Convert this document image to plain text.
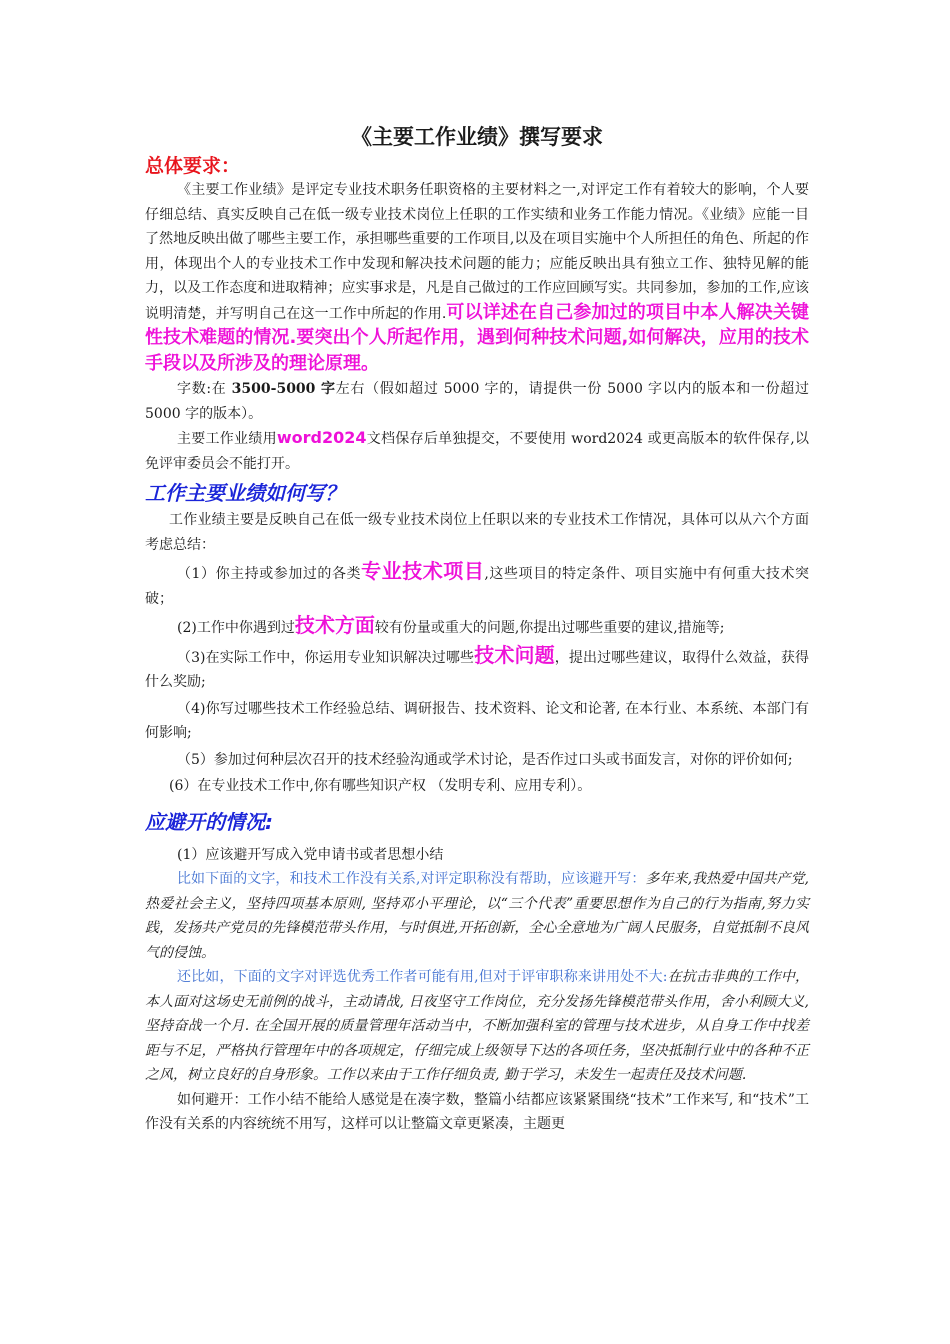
《主要工作业绩》撰写要求
总体要求：

《主要工作业绩》是评定专业技术职务任职资格的主要材料之一,对评定工作有着较大的影响，个人要仔细总结、真实反映自己在低一级专业技术岗位上任职的工作实绩和业务工作能力情况。《业绩》应能一目了然地反映出做了哪些主要工作，承担哪些重要的工作项目,以及在项目实施中个人所担任的角色、所起的作用，体现出个人的专业技术工作中发现和解决技术问题的能力；应能反映出具有独立工作、独特见解的能力，以及工作态度和进取精神；应实事求是，凡是自己做过的工作应回顾写实。共同参加，参加的工作,应该说明清楚，并写明自己在这一工作中所起的作用.可以详述在自己参加过的项目中本人解决关键性技术难题的情况.要突出个人所起作用，遇到何种技术问题,如何解决，应用的技术手段以及所涉及的理论原理。

字数:在 3500-5000 字左右（假如超过 5000 字的，请提供一份 5000 字以内的版本和一份超过 5000 字的版本）。

主要工作业绩用word2024文档保存后单独提交，不要使用 word2024 或更高版本的软件保存,以免评审委员会不能打开。

工作主要业绩如何写？

工作业绩主要是反映自己在低一级专业技术岗位上任职以来的专业技术工作情况，具体可以从六个方面考虑总结：

（1）你主持或参加过的各类专业技术项目,这些项目的特定条件、项目实施中有何重大技术突破；

(2)工作中你遇到过技术方面较有份量或重大的问题,你提出过哪些重要的建议,措施等;

（3)在实际工作中，你运用专业知识解决过哪些技术问题，提出过哪些建议，取得什么效益，获得什么奖励;

（4)你写过哪些技术工作经验总结、调研报告、技术资料、论文和论著, 在本行业、本系统、本部门有何影响;

（5）参加过何种层次召开的技术经验沟通或学术讨论，是否作过口头或书面发言，对你的评价如何;

(6）在专业技术工作中,你有哪些知识产权 （发明专利、应用专利）。

应避开的情况:

(1）应该避开写成入党申请书或者思想小结

比如下面的文字，和技术工作没有关系,对评定职称没有帮助，应该避开写：多年来,我热爱中国共产党,热爱社会主义，坚持四项基本原则, 坚持邓小平理论，以“三个代表”重要思想作为自己的行为指南,努力实践，发扬共产党员的先锋模范带头作用，与时俱进,开拓创新，全心全意地为广阔人民服务，自觉抵制不良风气的侵蚀。

还比如，下面的文字对评选优秀工作者可能有用,但对于评审职称来讲用处不大:在抗击非典的工作中，本人面对这场史无前例的战斗，主动请战, 日夜坚守工作岗位，充分发扬先锋模范带头作用，舍小利顾大义, 坚持奋战一个月. 在全国开展的质量管理年活动当中，不断加强科室的管理与技术进步，从自身工作中找差距与不足，严格执行管理年中的各项规定，仔细完成上级领导下达的各项任务，坚决抵制行业中的各种不正之风，树立良好的自身形象。工作以来由于工作仔细负责, 勤于学习，未发生一起责任及技术问题.

如何避开：工作小结不能给人感觉是在凑字数，整篇小结都应该紧紧围绕“技术”工作来写, 和“技术”工作没有关系的内容统统不用写，这样可以让整篇文章更紧凑，主题更
